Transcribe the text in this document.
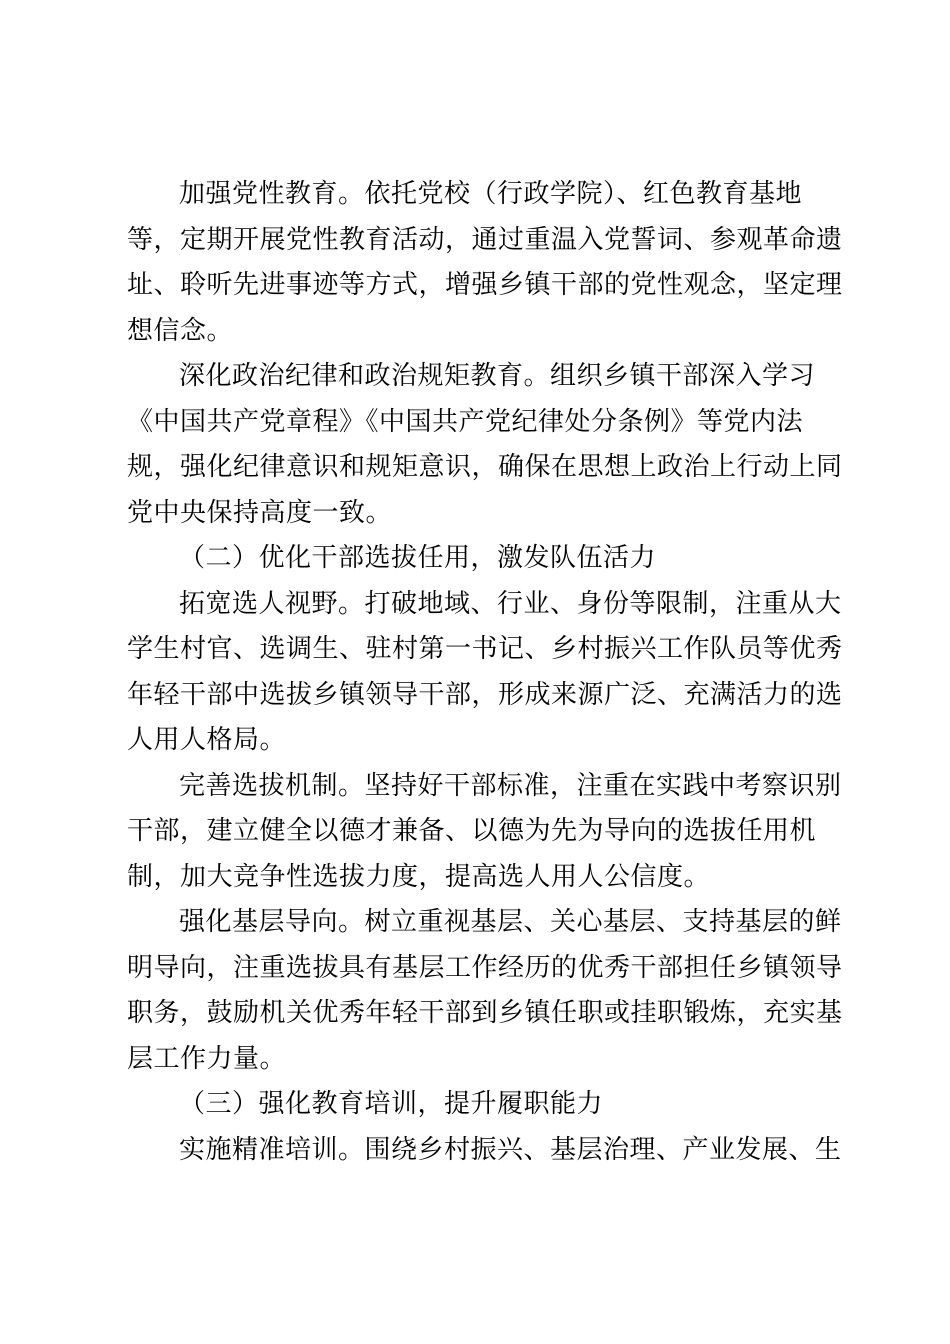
加强党性教育。依托党校（行政学院）、红色教育基地
等，定期开展党性教育活动，通过重温入党誓词、参观革命遗
址、聆听先进事迹等方式，增强乡镇干部的党性观念，坚定理
想信念。
深化政治纪律和政治规矩教育。组织乡镇干部深入学习
《中国共产党章程》《中国共产党纪律处分条例》等党内法
规，强化纪律意识和规矩意识，确保在思想上政治上行动上同
党中央保持高度一致。
（二）优化干部选拔任用，激发队伍活力
拓宽选人视野。打破地域、行业、身份等限制，注重从大
学生村官、选调生、驻村第一书记、乡村振兴工作队员等优秀
年轻干部中选拔乡镇领导干部，形成来源广泛、充满活力的选
人用人格局。
完善选拔机制。坚持好干部标准，注重在实践中考察识别
干部，建立健全以德才兼备、以德为先为导向的选拔任用机
制，加大竞争性选拔力度，提高选人用人公信度。
强化基层导向。树立重视基层、关心基层、支持基层的鲜
明导向，注重选拔具有基层工作经历的优秀干部担任乡镇领导
职务，鼓励机关优秀年轻干部到乡镇任职或挂职锻炼，充实基
层工作力量。
（三）强化教育培训，提升履职能力
实施精准培训。围绕乡村振兴、基层治理、产业发展、生
